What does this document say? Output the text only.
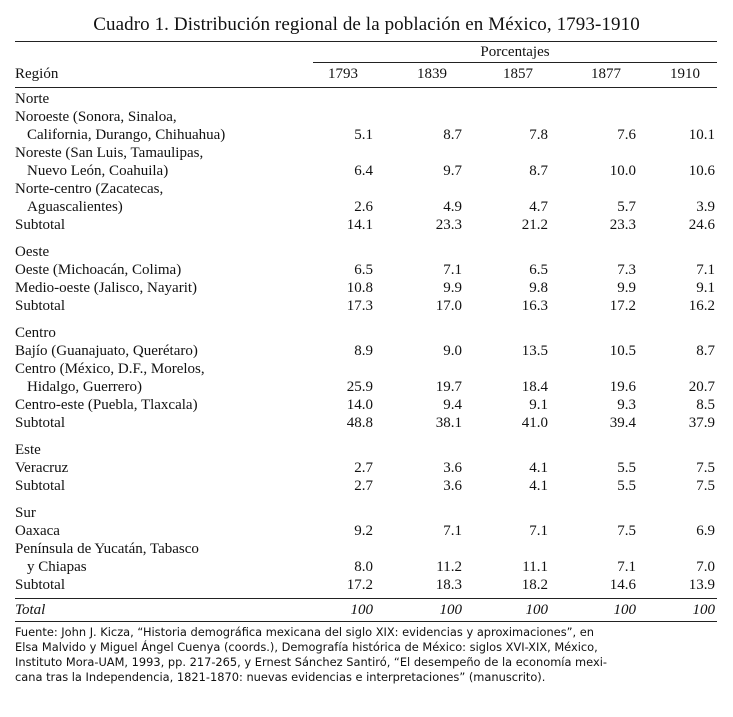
Cuadro 1. Distribución regional de la población en México, 1793-1910
Porcentajes
Región	1793	1839	1857	1877	1910
Norte
Noroeste (Sonora, Sinaloa,
California, Durango, Chihuahua)	5.1	8.7	7.8	7.6	10.1
Noreste (San Luis, Tamaulipas,
Nuevo León, Coahuila)	6.4	9.7	8.7	10.0	10.6
Norte-centro (Zacatecas,
Aguascalientes)	2.6	4.9	4.7	5.7	3.9
Subtotal	14.1	23.3	21.2	23.3	24.6
Oeste
Oeste (Michoacán, Colima)	6.5	7.1	6.5	7.3	7.1
Medio-oeste (Jalisco, Nayarit)	10.8	9.9	9.8	9.9	9.1
Subtotal	17.3	17.0	16.3	17.2	16.2
Centro
Bajío (Guanajuato, Querétaro)	8.9	9.0	13.5	10.5	8.7
Centro (México, D.F., Morelos,
Hidalgo, Guerrero)	25.9	19.7	18.4	19.6	20.7
Centro-este (Puebla, Tlaxcala)	14.0	9.4	9.1	9.3	8.5
Subtotal	48.8	38.1	41.0	39.4	37.9
Este
Veracruz	2.7	3.6	4.1	5.5	7.5
Subtotal	2.7	3.6	4.1	5.5	7.5
Sur
Oaxaca	9.2	7.1	7.1	7.5	6.9
Península de Yucatán, Tabasco
y Chiapas	8.0	11.2	11.1	7.1	7.0
Subtotal	17.2	18.3	18.2	14.6	13.9
Total	100	100	100	100	100
Fuente: John J. Kicza, “Historia demográfica mexicana del siglo XIX: evidencias y aproximaciones”, en
Elsa Malvido y Miguel Ángel Cuenya (coords.), Demografía histórica de México: siglos XVI-XIX, México,
Instituto Mora-UAM, 1993, pp. 217-265, y Ernest Sánchez Santiró, “El desempeño de la economía mexi-
cana tras la Independencia, 1821-1870: nuevas evidencias e interpretaciones” (manuscrito).
